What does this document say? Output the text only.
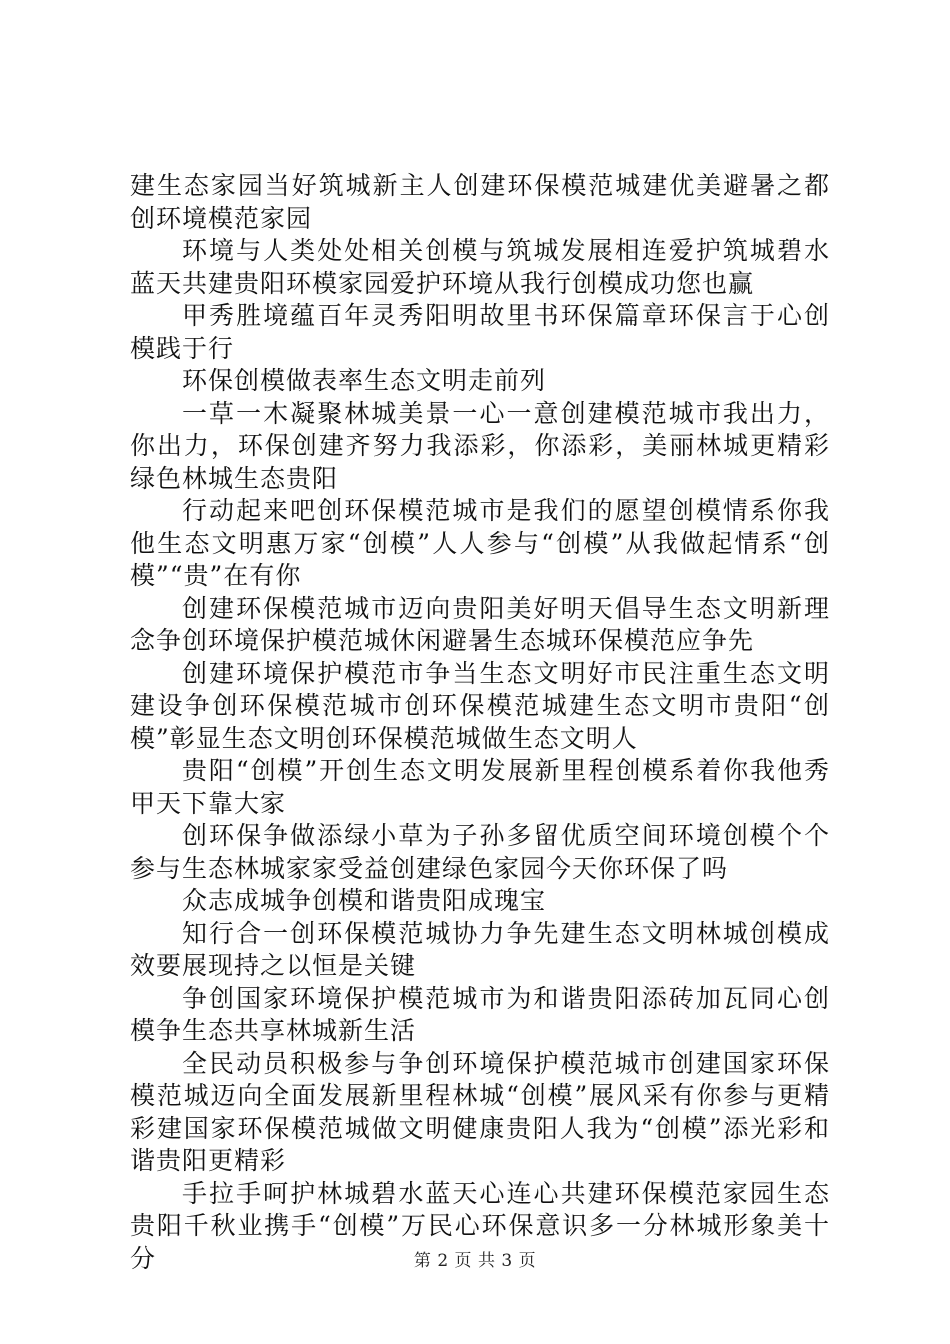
建生态家园当好筑城新主人创建环保模范城建优美避暑之都创环境模范家园

环境与人类处处相关创模与筑城发展相连爱护筑城碧水蓝天共建贵阳环模家园爱护环境从我行创模成功您也赢

甲秀胜境蕴百年灵秀阳明故里书环保篇章环保言于心创模践于行

环保创模做表率生态文明走前列

一草一木凝聚林城美景一心一意创建模范城市我出力，你出力，环保创建齐努力我添彩，你添彩，美丽林城更精彩绿色林城生态贵阳

行动起来吧创环保模范城市是我们的愿望创模情系你我他生态文明惠万家“创模”人人参与“创模”从我做起情系“创模”“贵”在有你

创建环保模范城市迈向贵阳美好明天倡导生态文明新理念争创环境保护模范城休闲避暑生态城环保模范应争先

创建环境保护模范市争当生态文明好市民注重生态文明建设争创环保模范城市创环保模范城建生态文明市贵阳“创模”彰显生态文明创环保模范城做生态文明人

贵阳“创模”开创生态文明发展新里程创模系着你我他秀甲天下靠大家

创环保争做添绿小草为子孙多留优质空间环境创模个个参与生态林城家家受益创建绿色家园今天你环保了吗

众志成城争创模和谐贵阳成瑰宝

知行合一创环保模范城协力争先建生态文明林城创模成效要展现持之以恒是关键

争创国家环境保护模范城市为和谐贵阳添砖加瓦同心创模争生态共享林城新生活

全民动员积极参与争创环境保护模范城市创建国家环保模范城迈向全面发展新里程林城“创模”展风采有你参与更精彩建国家环保模范城做文明健康贵阳人我为“创模”添光彩和谐贵阳更精彩

手拉手呵护林城碧水蓝天心连心共建环保模范家园生态贵阳千秋业携手“创模”万民心环保意识多一分林城形象美十分	第 2 页 共 3 页
